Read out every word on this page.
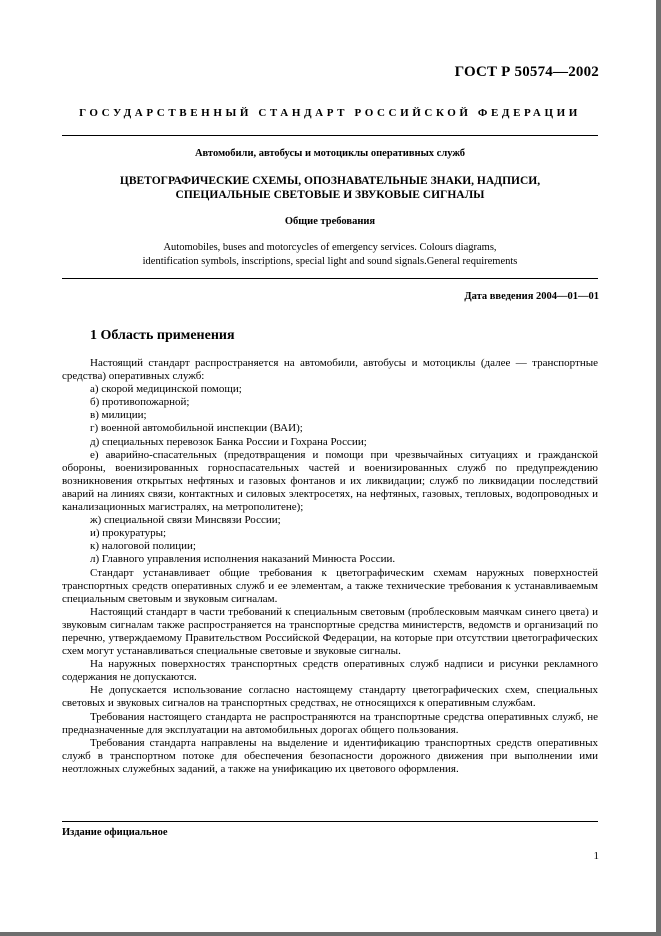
ГОСТ Р 50574—2002
ГОСУДАРСТВЕННЫЙ СТАНДАРТ РОССИЙСКОЙ ФЕДЕРАЦИИ
Автомобили, автобусы и мотоциклы оперативных служб
ЦВЕТОГРАФИЧЕСКИЕ СХЕМЫ, ОПОЗНАВАТЕЛЬНЫЕ ЗНАКИ, НАДПИСИ,
СПЕЦИАЛЬНЫЕ СВЕТОВЫЕ И ЗВУКОВЫЕ СИГНАЛЫ
Общие требования
Automobiles, buses and motorcycles of emergency services. Colours diagrams,
identification symbols, inscriptions, special light and sound signals.General requirements
Дата введения 2004—01—01
1 Область применения

Настоящий стандарт распространяется на автомобили, автобусы и мотоциклы (далее — транспортные средства) оперативных служб:

а) скорой медицинской помощи;

б) противопожарной;

в) милиции;

г) военной автомобильной инспекции (ВАИ);

д) специальных перевозок Банка России и Гохрана России;

е) аварийно-спасательных (предотвращения и помощи при чрезвычайных ситуациях и гражданской обороны, военизированных горноспасательных частей и военизированных служб по предупреждению возникновения открытых нефтяных и газовых фонтанов и их ликвидации; служб по ликвидации последствий аварий на линиях связи, контактных и силовых электросетях, на нефтяных, газовых, тепловых, водопроводных и канализационных магистралях, на метрополитене);

ж) специальной связи Минсвязи России;

и) прокуратуры;

к) налоговой полиции;

л) Главного управления исполнения наказаний Минюста России.

Стандарт устанавливает общие требования к цветографическим схемам наружных поверхностей транспортных средств оперативных служб и ее элементам, а также технические требования к устанавливаемым специальным световым и звуковым сигналам.

Настоящий стандарт в части требований к специальным световым (проблесковым маячкам синего цвета) и звуковым сигналам также распространяется на транспортные средства министерств, ведомств и организаций по перечню, утверждаемому Правительством Российской Федерации, на которые при отсутствии цветографических схем могут устанавливаться специальные световые и звуковые сигналы.

На наружных поверхностях транспортных средств оперативных служб надписи и рисунки рекламного содержания не допускаются.

Не допускается использование согласно настоящему стандарту цветографических схем, специальных световых и звуковых сигналов на транспортных средствах, не относящихся к оперативным службам.

Требования настоящего стандарта не распространяются на транспортные средства оперативных служб, не предназначенные для эксплуатации на автомобильных дорогах общего пользования.

Требования стандарта направлены на выделение и идентификацию транспортных средств оперативных служб в транспортном потоке для обеспечения безопасности дорожного движения при выполнении ими неотложных служебных заданий, а также на унификацию их цветового оформления.

Издание официальное
1
